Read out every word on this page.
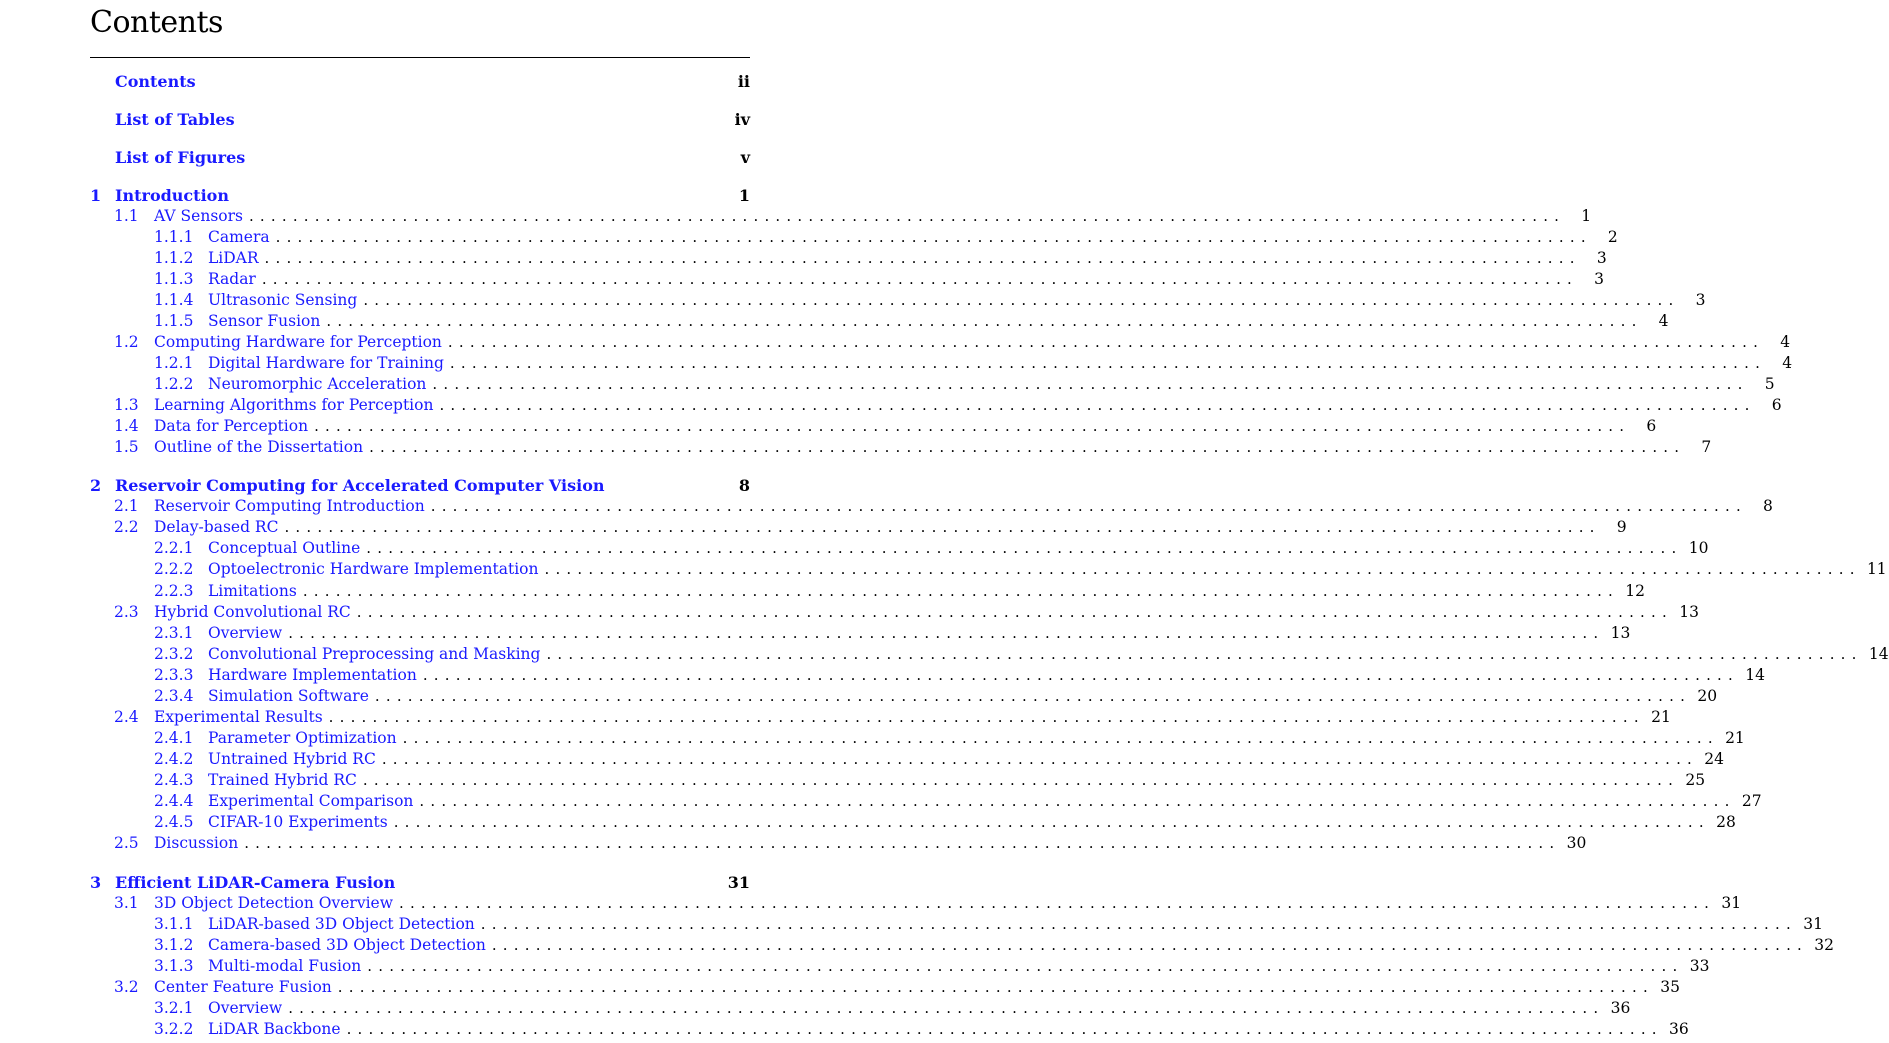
Contents
Contents	ii
List of Tables	iv
List of Figures	v
1 Introduction	1
1.1 AV Sensors ........................................................................................................................	1
1.1.1 Camera ........................................................................................................................	2
1.1.2 LiDAR ........................................................................................................................	3
1.1.3 Radar ........................................................................................................................	3
1.1.4 Ultrasonic Sensing ........................................................................................................................	3
1.1.5 Sensor Fusion ........................................................................................................................	4
1.2 Computing Hardware for Perception ........................................................................................................................	4
1.2.1 Digital Hardware for Training ........................................................................................................................	4
1.2.2 Neuromorphic Acceleration ........................................................................................................................	5
1.3 Learning Algorithms for Perception ........................................................................................................................	6
1.4 Data for Perception ........................................................................................................................	6
1.5 Outline of the Dissertation ........................................................................................................................	7
2 Reservoir Computing for Accelerated Computer Vision	8
2.1 Reservoir Computing Introduction ........................................................................................................................	8
2.2 Delay-based RC ........................................................................................................................	9
2.2.1 Conceptual Outline ........................................................................................................................ 10
2.2.2 Optoelectronic Hardware Implementation ........................................................................................................................ 11
2.2.3 Limitations ........................................................................................................................ 12
2.3 Hybrid Convolutional RC ........................................................................................................................ 13
2.3.1 Overview ........................................................................................................................ 13
2.3.2 Convolutional Preprocessing and Masking ........................................................................................................................ 14
2.3.3 Hardware Implementation ........................................................................................................................ 14
2.3.4 Simulation Software ........................................................................................................................ 20
2.4 Experimental Results ........................................................................................................................ 21
2.4.1 Parameter Optimization ........................................................................................................................ 21
2.4.2 Untrained Hybrid RC ........................................................................................................................ 24
2.4.3 Trained Hybrid RC ........................................................................................................................ 25
2.4.4 Experimental Comparison ........................................................................................................................ 27
2.4.5 CIFAR-10 Experiments ........................................................................................................................ 28
2.5 Discussion ........................................................................................................................ 30
3 Efficient LiDAR-Camera Fusion	31
3.1 3D Object Detection Overview ........................................................................................................................ 31
3.1.1 LiDAR-based 3D Object Detection ........................................................................................................................ 31
3.1.2 Camera-based 3D Object Detection ........................................................................................................................ 32
3.1.3 Multi-modal Fusion ........................................................................................................................ 33
3.2 Center Feature Fusion ........................................................................................................................ 35
3.2.1 Overview ........................................................................................................................ 36
3.2.2 LiDAR Backbone ........................................................................................................................ 36
